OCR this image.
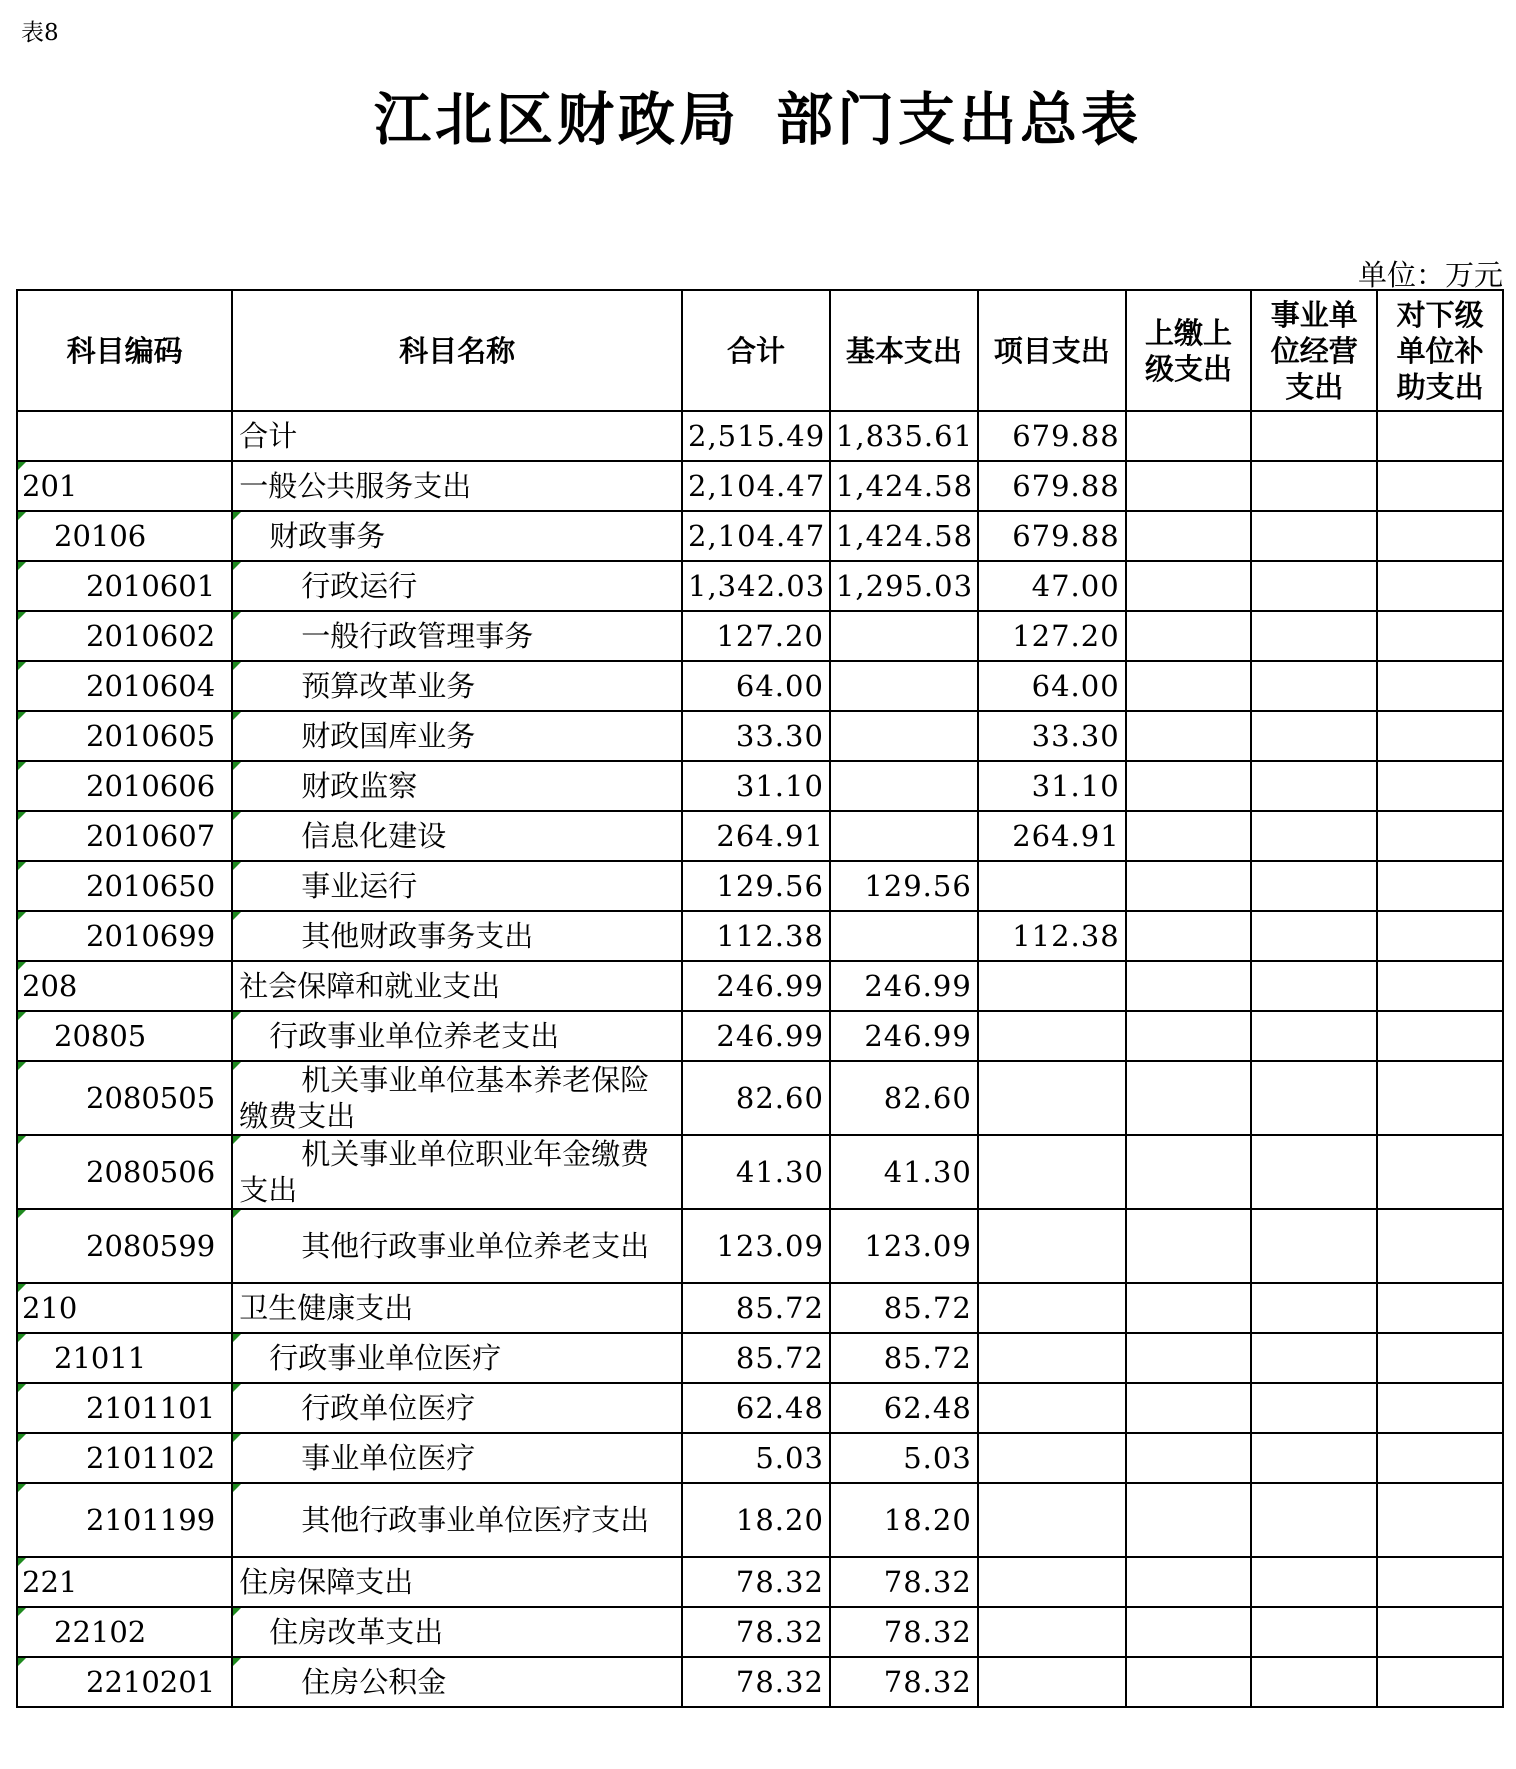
表8
江北区财政局 部门支出总表
单位：万元
科目编码	科目名称	合计	基本支出	项目支出	上缴上级支出	事业单位经营支出	对下级单位补助支出
	合计	2,515.49	1,835.61	679.88			

201	一般公共服务支出	2,104.47	1,424.58	679.88			

20106	财政事务	2,104.47	1,424.58	679.88			

2010601	行政运行	1,342.03	1,295.03	47.00			

2010602	一般行政管理事务	127.20		127.20			

2010604	预算改革业务	64.00		64.00			

2010605	财政国库业务	33.30		33.30			

2010606	财政监察	31.10		31.10			

2010607	信息化建设	264.91		264.91			

2010650	事业运行	129.56	129.56				

2010699	其他财政事务支出	112.38		112.38			

208	社会保障和就业支出	246.99	246.99				

20805	行政事业单位养老支出	246.99	246.99				

2080505	机关事业单位基本养老保险缴费支出	82.60	82.60				

2080506	机关事业单位职业年金缴费支出	41.30	41.30				

2080599	其他行政事业单位养老支出	123.09	123.09				

210	卫生健康支出	85.72	85.72				

21011	行政事业单位医疗	85.72	85.72				

2101101	行政单位医疗	62.48	62.48				

2101102	事业单位医疗	5.03	5.03				

2101199	其他行政事业单位医疗支出	18.20	18.20				

221	住房保障支出	78.32	78.32				

22102	住房改革支出	78.32	78.32				

2210201	住房公积金	78.32	78.32				
